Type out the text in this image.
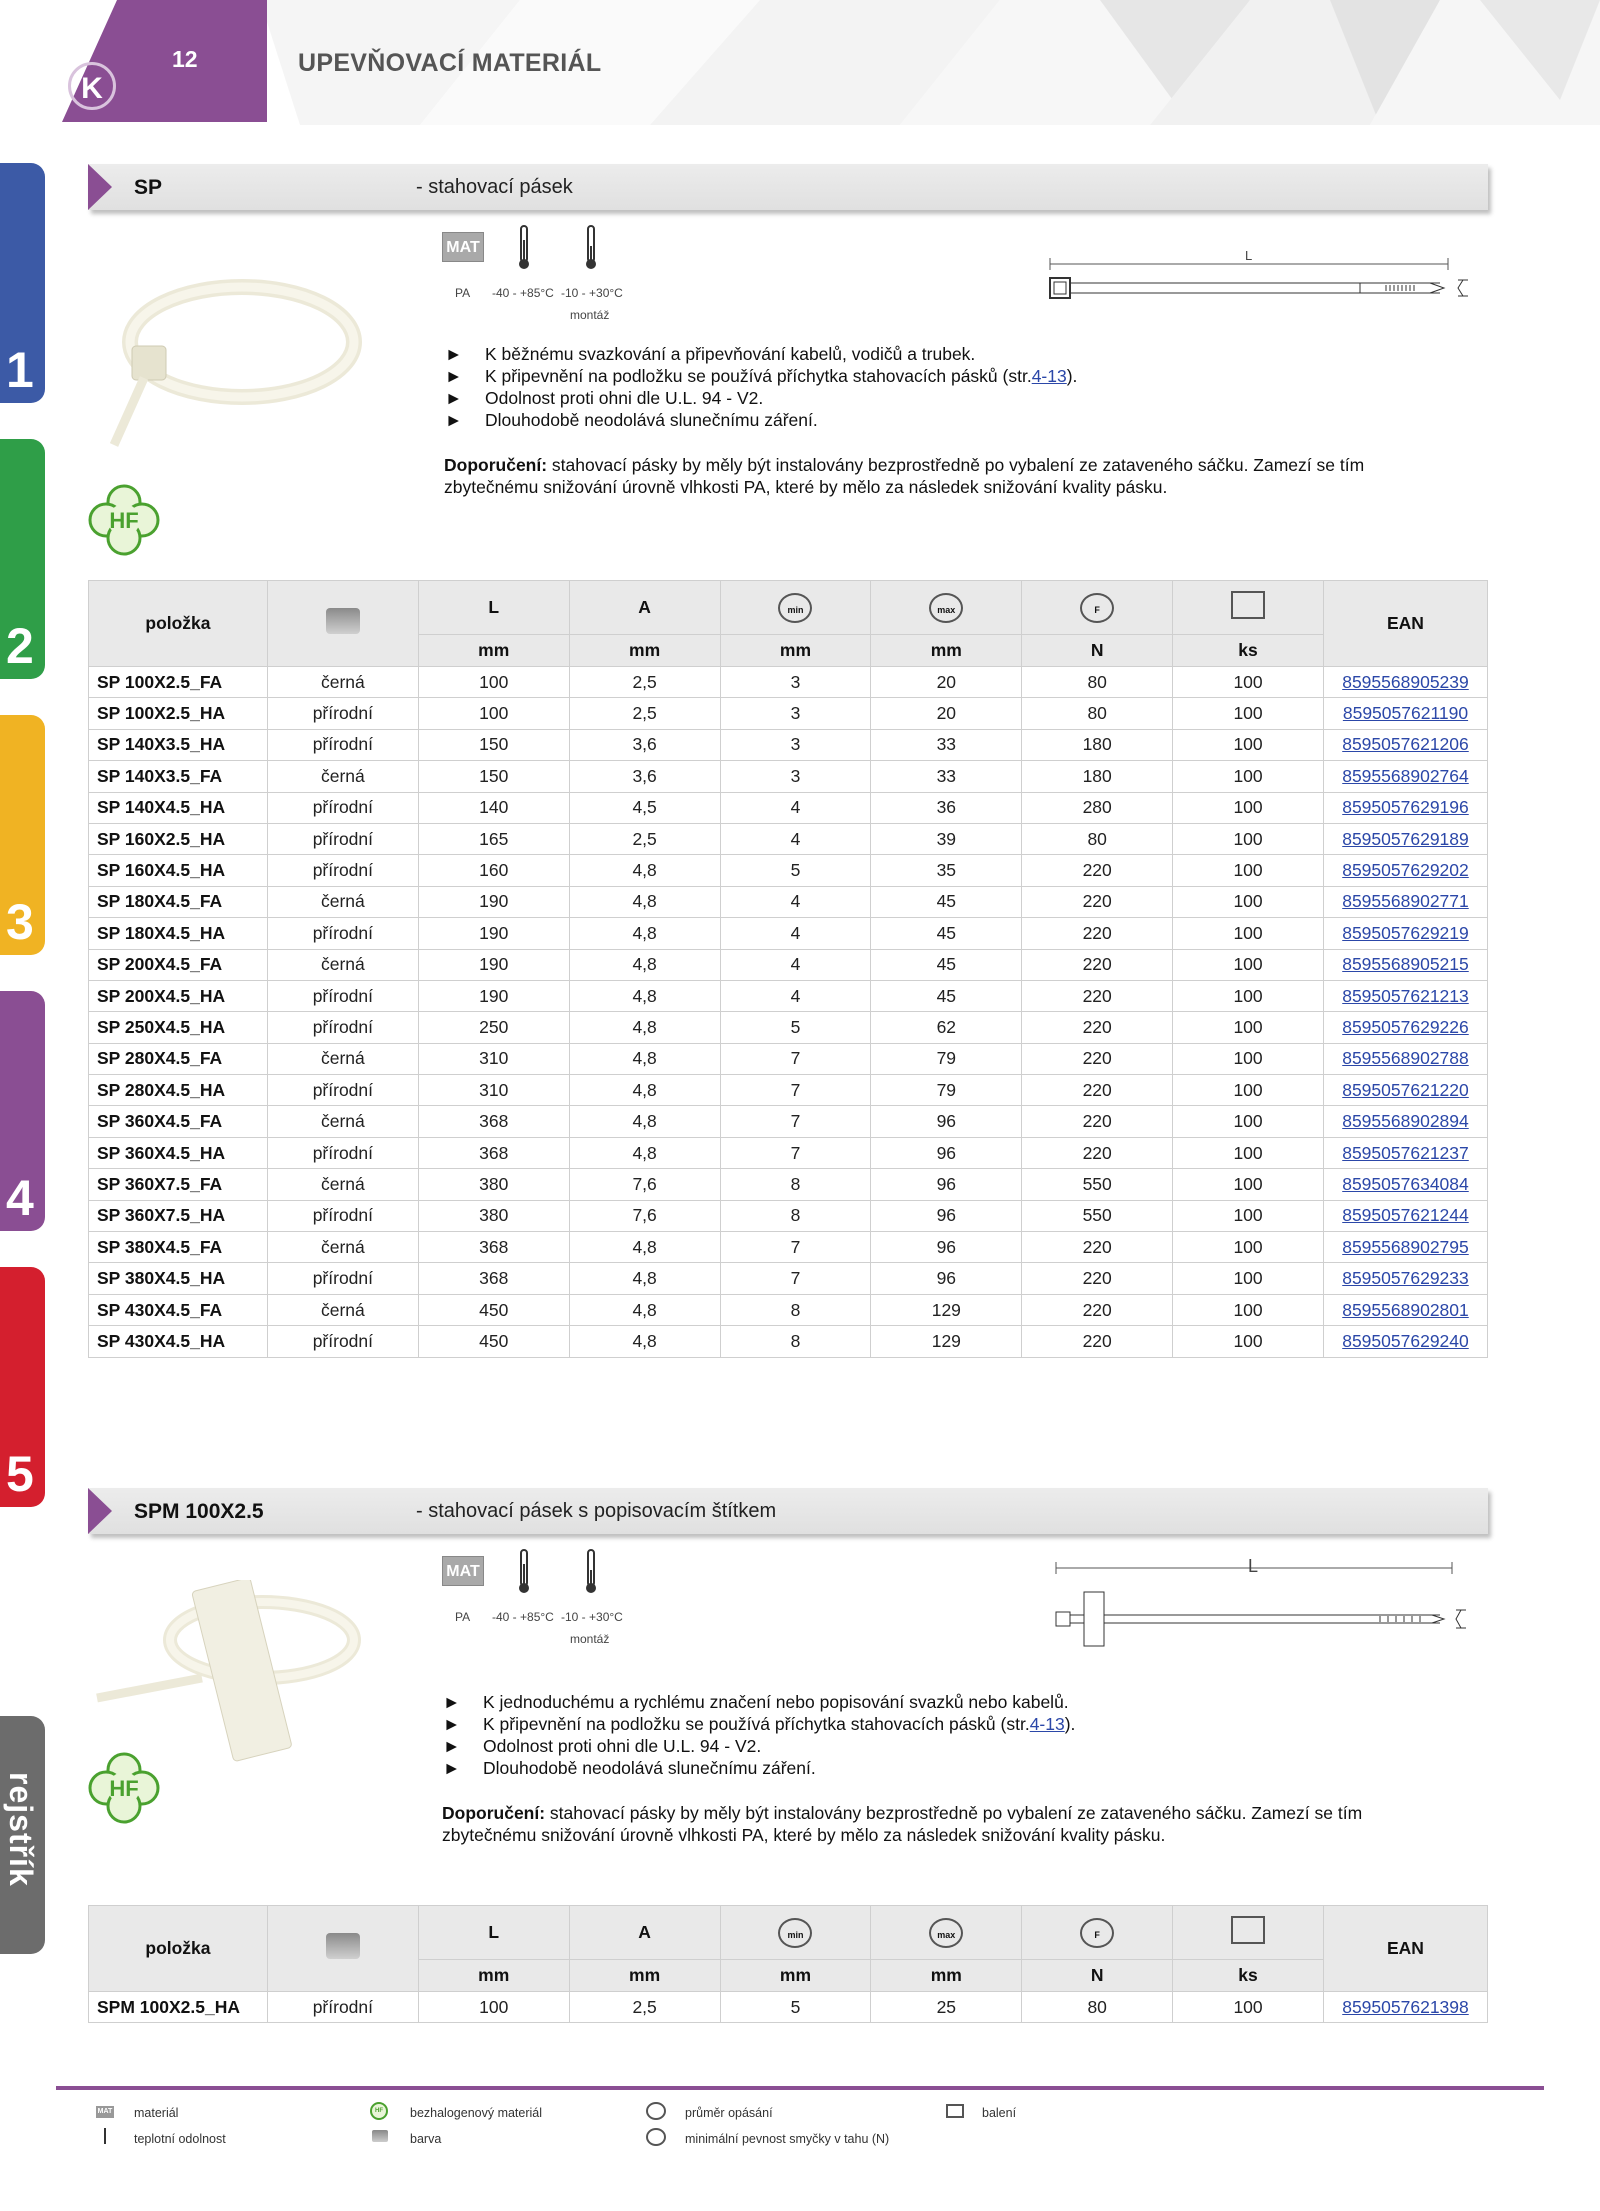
K
12	UPEVŇOVACÍ MATERIÁL
1
2
3
4
5
rejstřík
SP	- stahovací pásek
MAT
PA -40 - +85°C -10 - +30°C
montáž
L
►	K běžnému svazkování a připevňování kabelů, vodičů a trubek.
►	K připevnění na podložku se používá příchytka stahovacích pásků (str. 4-13 ).
►	Odolnost proti ohni dle U.L. 94 - V2.
►	Dlouhodobě neodolává slunečnímu záření.
Doporučení: stahovací pásky by měly být instalovány bezprostředně po vybalení ze zataveného sáčku. Zamezí se tím zbytečnému snižování úrovně vlhkosti PA, které by mělo za následek snižování kvality pásku.
HF
položka		L	A	min	max	F		EAN
		mm	mm	mm	mm	N	ks	
SP 100X2.5_FA	černá	100	2,5	3	20	80	100	8595568905239
SP 100X2.5_HA	přírodní	100	2,5	3	20	80	100	8595057621190
SP 140X3.5_HA	přírodní	150	3,6	3	33	180	100	8595057621206
SP 140X3.5_FA	černá	150	3,6	3	33	180	100	8595568902764
SP 140X4.5_HA	přírodní	140	4,5	4	36	280	100	8595057629196
SP 160X2.5_HA	přírodní	165	2,5	4	39	80	100	8595057629189
SP 160X4.5_HA	přírodní	160	4,8	5	35	220	100	8595057629202
SP 180X4.5_FA	černá	190	4,8	4	45	220	100	8595568902771
SP 180X4.5_HA	přírodní	190	4,8	4	45	220	100	8595057629219
SP 200X4.5_FA	černá	190	4,8	4	45	220	100	8595568905215
SP 200X4.5_HA	přírodní	190	4,8	4	45	220	100	8595057621213
SP 250X4.5_HA	přírodní	250	4,8	5	62	220	100	8595057629226
SP 280X4.5_FA	černá	310	4,8	7	79	220	100	8595568902788
SP 280X4.5_HA	přírodní	310	4,8	7	79	220	100	8595057621220
SP 360X4.5_FA	černá	368	4,8	7	96	220	100	8595568902894
SP 360X4.5_HA	přírodní	368	4,8	7	96	220	100	8595057621237
SP 360X7.5_FA	černá	380	7,6	8	96	550	100	8595057634084
SP 360X7.5_HA	přírodní	380	7,6	8	96	550	100	8595057621244
SP 380X4.5_FA	černá	368	4,8	7	96	220	100	8595568902795
SP 380X4.5_HA	přírodní	368	4,8	7	96	220	100	8595057629233
SP 430X4.5_FA	černá	450	4,8	8	129	220	100	8595568902801
SP 430X4.5_HA	přírodní	450	4,8	8	129	220	100	8595057629240
SPM 100X2.5	- stahovací pásek s popisovacím štítkem
MAT
PA -40 - +85°C -10 - +30°C
montáž
L
►	K jednoduchému a rychlému značení nebo popisování svazků nebo kabelů.
►	K připevnění na podložku se používá příchytka stahovacích pásků (str. 4-13 ).
►	Odolnost proti ohni dle U.L. 94 - V2.
►	Dlouhodobě neodolává slunečnímu záření.
Doporučení: stahovací pásky by měly být instalovány bezprostředně po vybalení ze zataveného sáčku. Zamezí se tím zbytečnému snižování úrovně vlhkosti PA, které by mělo za následek snižování kvality pásku.
HF
položka		L	A	min	max	F		EAN
		mm	mm	mm	mm	N	ks	
SPM 100X2.5_HA	přírodní	100	2,5	5	25	80	100	8595057621398
MAT materiál
teplotní odolnost
HF	bezhalogenový materiál
barva
průměr opásání
minimální pevnost smyčky v tahu (N)
balení
